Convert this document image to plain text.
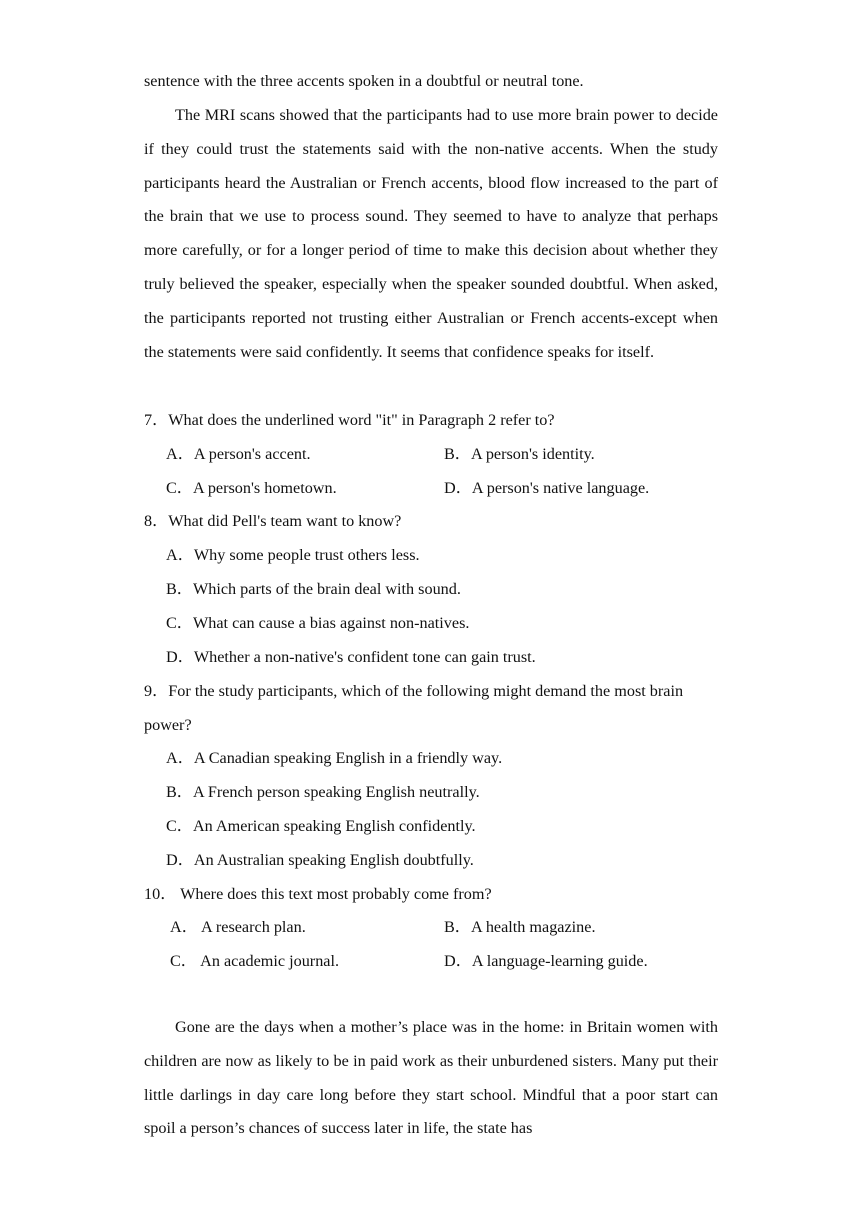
sentence with the three accents spoken in a doubtful or neutral tone.

The MRI scans showed that the participants had to use more brain power to decide if they could trust the statements said with the non-native accents. When the study participants heard the Australian or French accents, blood flow increased to the part of the brain that we use to process sound. They seemed to have to analyze that perhaps more carefully, or for a longer period of time to make this decision about whether they truly believed the speaker, especially when the speaker sounded doubtful. When asked, the participants reported not trusting either Australian or French accents-except when the statements were said confidently. It seems that confidence speaks for itself.

7．What does the underlined word "it" in Paragraph 2 refer to?
A．A person's accent.	B．A person's identity.
C．A person's hometown.	D．A person's native language.
8．What did Pell's team want to know?
A．Why some people trust others less.
B．Which parts of the brain deal with sound.
C．What can cause a bias against non-natives.
D．Whether a non-native's confident tone can gain trust.
9．For the study participants, which of the following might demand the most brain
power?
A．A Canadian speaking English in a friendly way.
B．A French person speaking English neutrally.
C．An American speaking English confidently.
D．An Australian speaking English doubtfully.
10． Where does this text most probably come from?
A． A research plan.	B．A health magazine.
C． An academic journal.	D．A language-learning guide.

Gone are the days when a mother’s place was in the home: in Britain women with children are now as likely to be in paid work as their unburdened sisters. Many put their little darlings in day care long before they start school. Mindful that a poor start can spoil a person’s chances of success later in life, the state has
